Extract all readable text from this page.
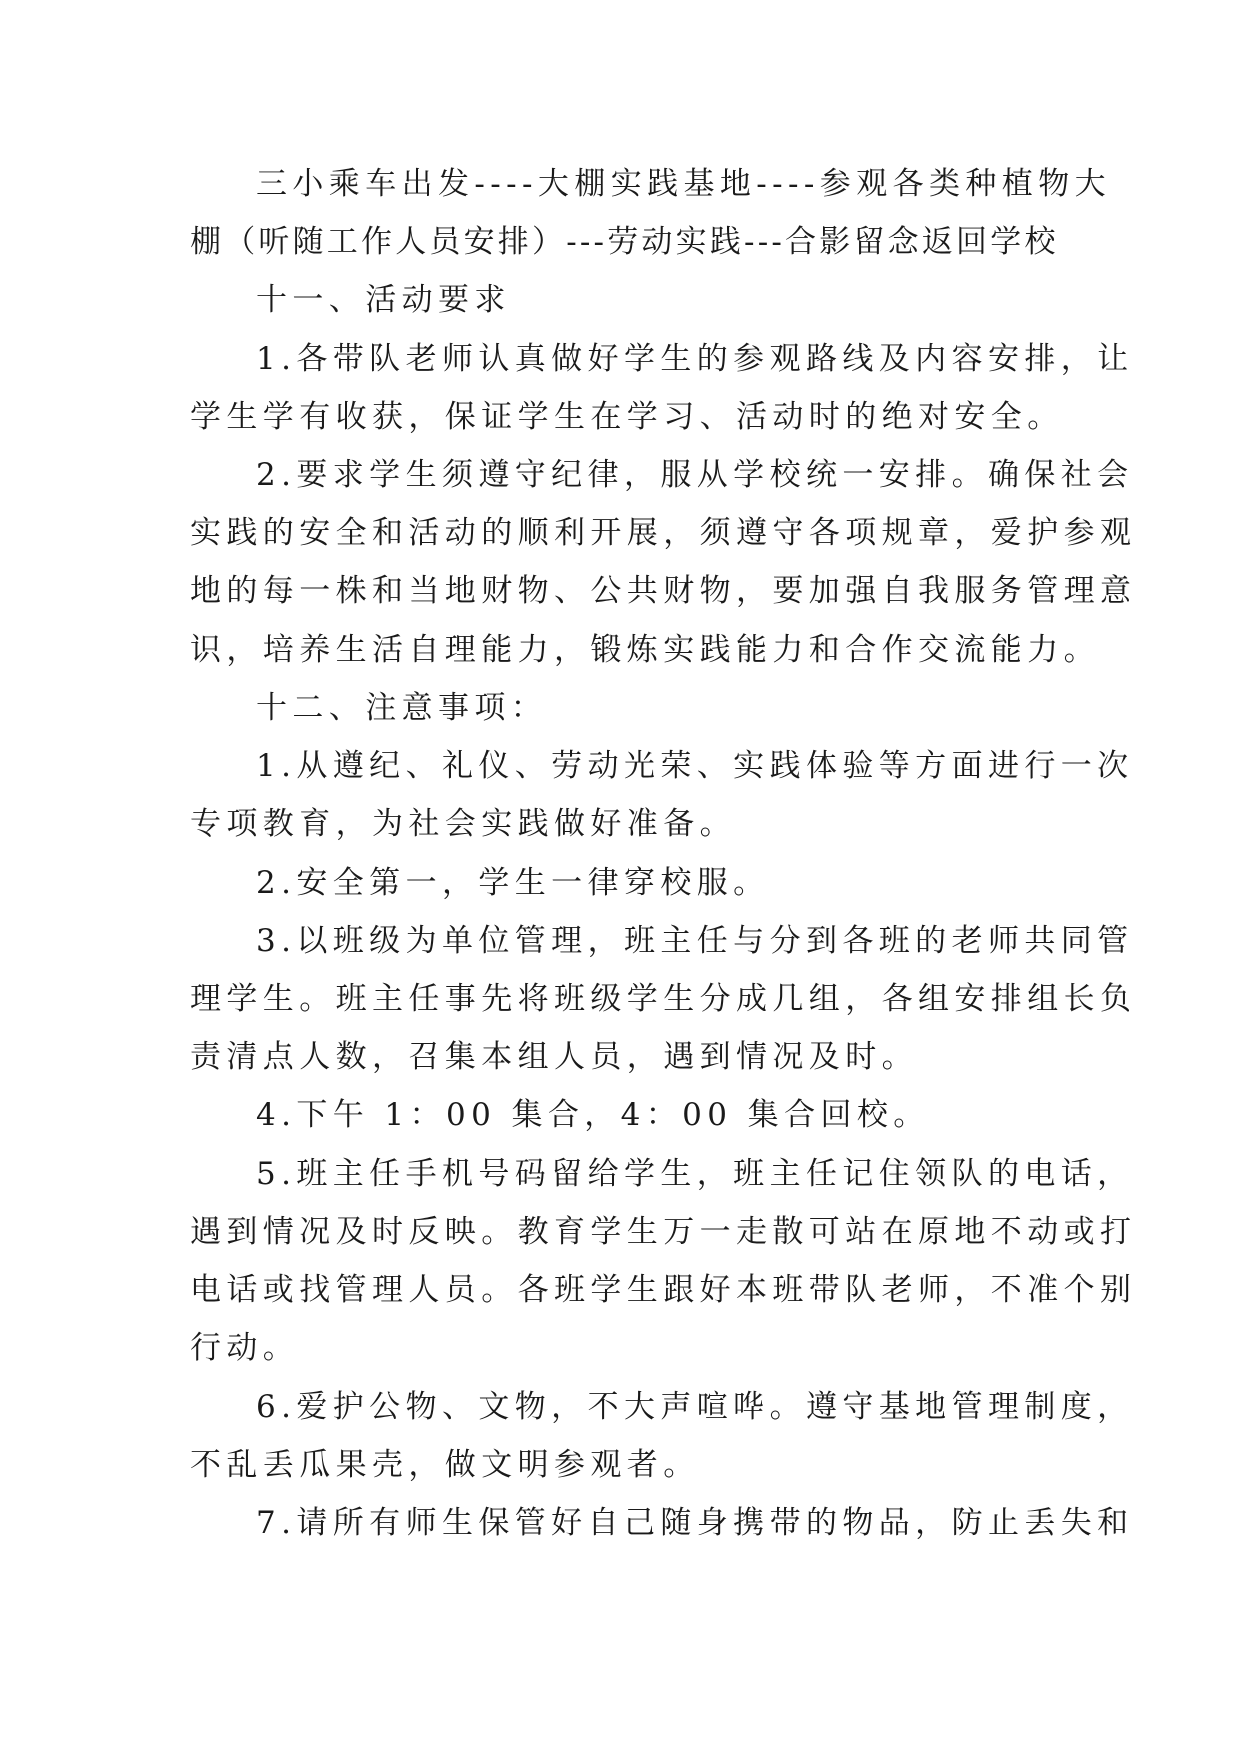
三小乘车出发----大棚实践基地----参观各类种植物大
棚（听随工作人员安排）---劳动实践---合影留念返回学校
十一、活动要求
1.各带队老师认真做好学生的参观路线及内容安排，让
学生学有收获，保证学生在学习、活动时的绝对安全。
2.要求学生须遵守纪律，服从学校统一安排。确保社会
实践的安全和活动的顺利开展，须遵守各项规章，爱护参观
地的每一株和当地财物、公共财物，要加强自我服务管理意
识，培养生活自理能力，锻炼实践能力和合作交流能力。
十二、注意事项：
1.从遵纪、礼仪、劳动光荣、实践体验等方面进行一次
专项教育，为社会实践做好准备。
2.安全第一，学生一律穿校服。
3.以班级为单位管理，班主任与分到各班的老师共同管
理学生。班主任事先将班级学生分成几组，各组安排组长负
责清点人数，召集本组人员，遇到情况及时。
4.下午 1：00 集合，4：00 集合回校。
5.班主任手机号码留给学生，班主任记住领队的电话，
遇到情况及时反映。教育学生万一走散可站在原地不动或打
电话或找管理人员。各班学生跟好本班带队老师，不准个别
行动。
6.爱护公物、文物，不大声喧哗。遵守基地管理制度，
不乱丢瓜果壳，做文明参观者。
7.请所有师生保管好自己随身携带的物品，防止丢失和
